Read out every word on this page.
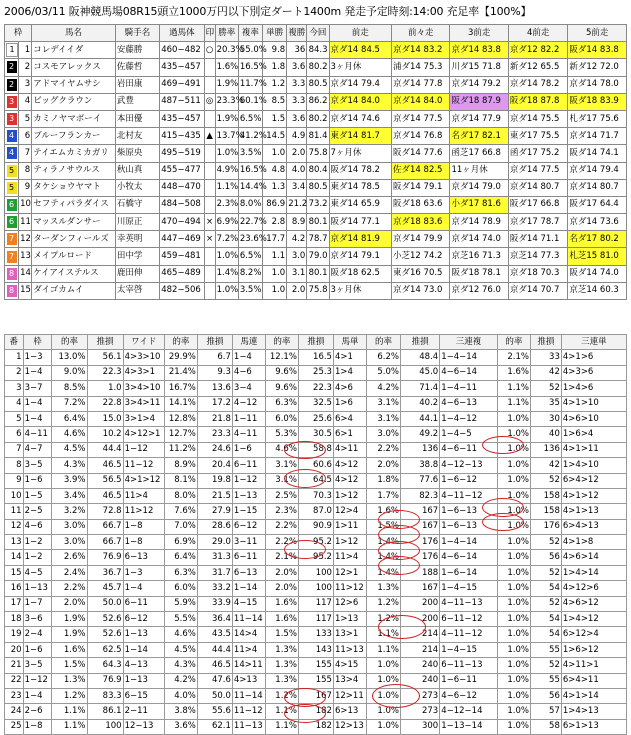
2006/03/11 阪神競馬場08R15頭立1000万円以下別定ダート1400m 発走予定時刻:14:00 充足率【100%】
枠		馬名	騎手名	過馬体	印	勝率	複率	単勝	複勝	今回	前走	前々走	3前走	4前走	5前走
1	1	コレデイイダ	安藤勝	460−482	○	20.3%	55.0%	9.8	36	84.3	京ダ14 84.5	京ダ14 83.2	京ダ14 83.8	京ダ12 82.2	阪ダ14 83.8
2	2	コスモアレックス	佐藤哲	435−457		1.6%	16.5%	1.8	3.6	80.2	3ヶ月休	浦ダ14 75.3	川ダ15 71.8	新ダ12 65.5	新ダ12 72.0
2	3	アドマイヤムサシ	岩田康	469−491		1.9%	11.7%	1.2	3.3	80.5	京ダ14 79.4	京ダ14 77.8	京ダ14 79.2	京ダ14 78.2	京ダ14 78.0
3	4	ビッグクラウン	武豊	487−511	◎	23.3%	60.1%	8.5	3.3	86.2	京ダ14 84.0	京ダ14 84.0	阪ダ18 87.9	阪ダ18 87.8	阪ダ18 83.9
3	5	カミノヤマボーイ	本田優	435−457		1.9%	6.5%	1.5	3.6	80.2	京ダ14 74.6	京ダ14 77.5	京ダ14 77.9	京ダ14 75.5	札ダ17 75.6
4	6	ブルーフランカー	北村友	415−435	▲	13.7%	41.2%	14.5	4.9	81.4	東ダ14 81.7	京ダ14 76.8	名ダ17 82.1	東ダ17 75.5	京ダ14 71.7
4	7	テイエムカミカガリ	柴原央	495−519		1.0%	3.5%	1.0	2.0	75.8	7ヶ月休	阪ダ14 77.6	函芝17 66.8	函ダ17 75.2	阪ダ14 74.1
5	8	ティラノサウルス	秋山真	455−477		4.9%	16.5%	4.8	4.0	80.4	阪ダ14 78.2	佐ダ14 82.5	11ヶ月休	京ダ14 77.5	京ダ14 79.4
5	9	タケショウヤマト	小牧太	448−470		1.1%	14.4%	1.3	3.4	80.5	東ダ14 78.5	阪ダ14 79.1	京ダ14 79.0	京ダ14 80.7	京ダ14 80.7
6	10	セフティパラダイス	石橋守	484−508		2.3%	8.0%	86.9	21.2	73.2	東ダ14 65.9	阪ダ18 63.6	小ダ17 81.6	阪ダ17 66.8	阪ダ17 64.4
6	11	マッスルダンサー	川原正	470−494	×	6.9%	22.7%	2.8	8.9	80.1	阪ダ14 77.1	京ダ18 83.6	京ダ14 78.9	京ダ17 78.7	京ダ14 73.6
7	12	ターダンフィールズ	幸英明	447−469	×	7.2%	23.6%	17.7	4.2	78.7	京ダ14 81.9	京ダ14 79.9	京ダ14 74.0	阪ダ14 71.1	名ダ17 80.2
7	13	メイプルロード	田中学	459−481		1.0%	6.5%	1.1	3.0	79.0	京ダ14 79.1	小芝12 74.2	京芝16 71.3	京芝14 77.3	札芝15 81.0
8	14	ケイアイステルス	鹿田伸	465−489		1.4%	8.2%	1.0	3.1	80.1	阪ダ18 62.5	東ダ16 70.5	阪ダ18 78.1	京ダ18 70.3	阪ダ14 74.0
8	15	ダイゴカムイ	太宰啓	482−506		1.0%	3.5%	1.0	2.0	75.8	3ヶ月休	京ダ14 73.0	京ダ12 76.0	京ダ14 70.7	京芝14 60.3
番	枠	的率	推損	ワイド	的率	推損	馬連	的率	推損	馬単	的率	推損	三連複	的率	推損	三連単
1	1−3	13.0%	56.1	4>3>10	29.9%	6.7	1−4	12.1%	16.5	4>1	6.2%	48.4	1−4−14	2.1%	33	4>1>6
2	1−4	9.0%	22.3	4>3>1	21.4%	9.3	4−6	9.6%	25.3	1>4	5.0%	45.0	4−6−14	1.6%	42	4>3>6
3	3−7	8.5%	1.0	3>4>10	16.7%	13.6	3−4	9.6%	22.3	4>6	4.2%	71.4	1−4−11	1.1%	52	1>4>6
4	1−4	7.2%	22.8	3>4>11	14.1%	17.2	4−12	6.3%	32.5	1>6	3.1%	40.2	4−6−13	1.1%	35	4>1>10
5	1−4	6.4%	15.0	3>1>4	12.8%	21.8	1−11	6.0%	25.6	6>4	3.1%	44.1	1−4−12	1.0%	30	4>6>10
6	4−11	4.6%	10.2	4>12>1	12.7%	23.3	4−11	5.3%	30.5	6>1	3.0%	49.2	1−4−5	1.0%	40	1>6>4
7	4−7	4.5%	44.4	1−12	11.2%	24.6	1−6	4.6%	58.8	4>11	2.2%	136	4−6−11	1.0%	136	4>1>11
8	3−5	4.3%	46.5	11−12	8.9%	20.4	6−11	3.1%	60.6	4>12	2.0%	38.8	4−12−13	1.0%	42	1>4>10
9	1−6	3.9%	56.5	4>1>12	8.1%	19.8	1−12	3.1%	64.5	4>12	1.8%	77.6	1−6−12	1.0%	52	6>4>12
10	1−5	3.4%	46.5	11>4	8.0%	21.5	1−13	2.5%	70.3	1>12	1.7%	82.3	4−11−12	1.0%	158	4>1>12
11	2−5	3.2%	72.8	11>12	7.6%	27.9	1−15	2.3%	87.0	12>4	1.6%	167	1−6−13	1.0%	158	4>1>13
12	4−6	3.0%	66.7	1−8	7.0%	28.6	6−12	2.2%	90.9	1>11	1.5%	167	1−6−13	1.0%	176	6>4>13
13	1−2	3.0%	66.7	1−8	6.9%	29.0	3−11	2.2%	95.2	1>12	1.4%	176	1−4−14	1.0%	52	4>1>8
14	1−2	2.6%	76.9	6−13	6.4%	31.3	6−11	2.1%	95.2	11>4	1.4%	176	4−6−14	1.0%	56	4>6>14
15	4−5	2.4%	36.7	1−3	6.3%	31.7	6−13	2.0%	100	12>1	1.4%	188	1−6−14	1.0%	52	1>4>14
16	1−13	2.2%	45.7	1−4	6.0%	33.2	1−14	2.0%	100	11>12	1.3%	167	1−4−15	1.0%	54	4>12>6
17	1−7	2.0%	50.0	6−11	5.9%	33.9	4−15	1.6%	117	12>6	1.2%	200	4−11−13	1.0%	52	4>6>12
18	3−6	1.9%	52.6	6−12	5.5%	36.4	11−14	1.6%	117	1>13	1.2%	200	6−11−12	1.0%	54	1>4>12
19	2−4	1.9%	52.6	1−13	4.6%	43.5	14>4	1.5%	133	13>1	1.1%	214	4−11−12	1.0%	54	6>12>4
20	1−6	1.6%	62.5	1−14	4.5%	44.4	11>4	1.3%	143	11>13	1.1%	214	1−4−15	1.0%	55	1>6>12
21	3−5	1.5%	64.3	4−13	4.3%	46.5	14>11	1.3%	155	4>15	1.0%	240	6−11−13	1.0%	52	4>11>1
22	1−12	1.3%	76.9	1−13	4.2%	47.6	4>13	1.3%	155	13>4	1.0%	240	1−6−11	1.0%	55	6>4>11
23	1−4	1.2%	83.3	6−15	4.0%	50.0	11−14	1.2%	167	12>11	1.0%	273	4−6−12	1.0%	56	4>1>14
24	2−6	1.1%	86.1	2−11	3.8%	55.6	11−12	1.1%	182	6>13	1.0%	273	4−12−14	1.0%	57	1>4>13
25	1−8	1.1%	100	12−13	3.6%	62.1	11−13	1.1%	182	12>13	1.0%	300	1−13−14	1.0%	58	6>1>13
